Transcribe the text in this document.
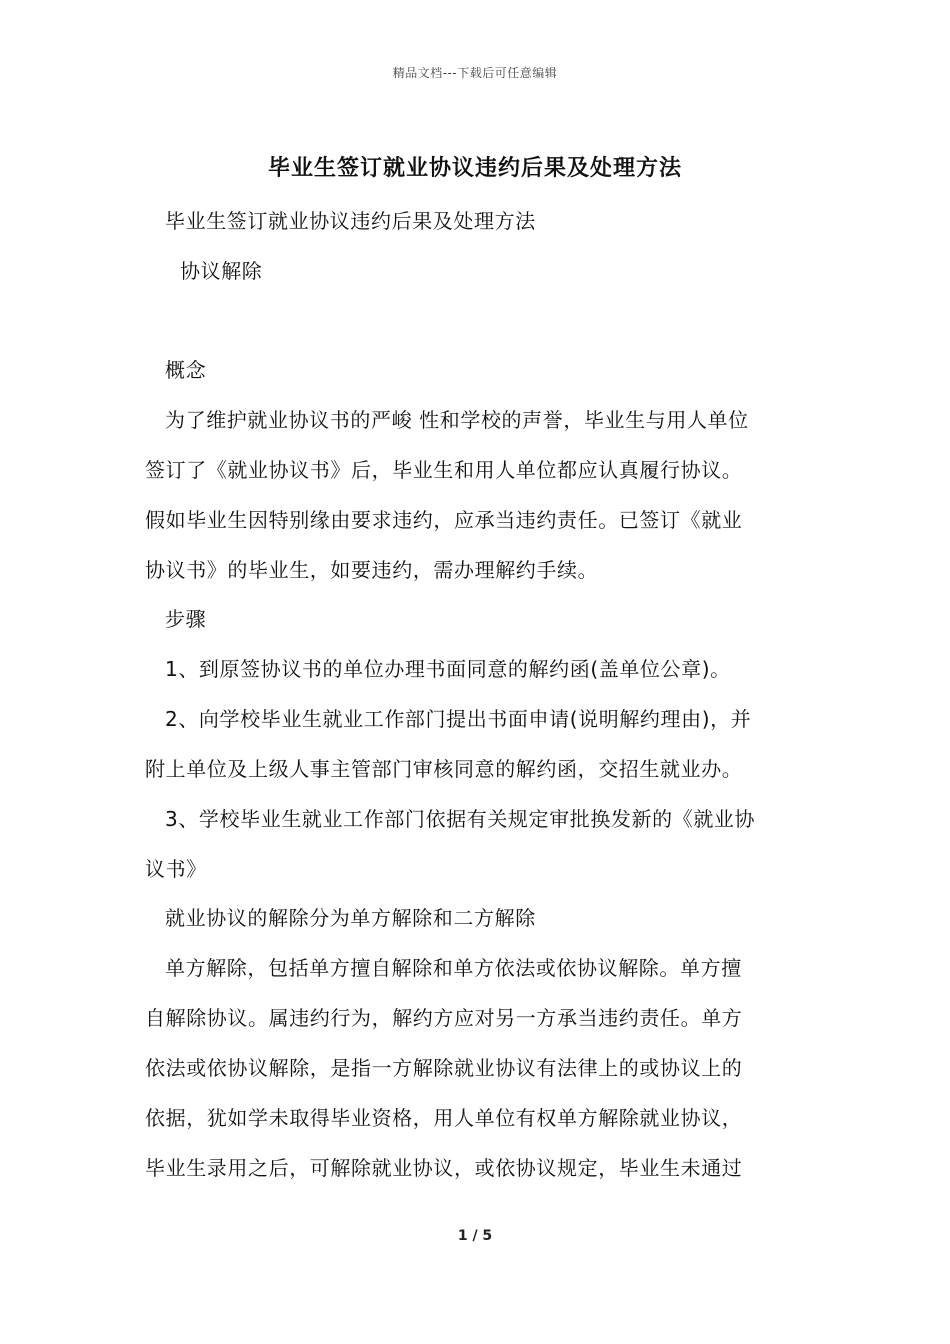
精品文档---下载后可任意编辑
毕业生签订就业协议违约后果及处理方法
毕业生签订就业协议违约后果及处理方法
协议解除
概念
为了维护就业协议书的严峻 性和学校的声誉，毕业生与用人单位
签订了《就业协议书》后，毕业生和用人单位都应认真履行协议。
假如毕业生因特别缘由要求违约，应承当违约责任。已签订《就业
协议书》的毕业生，如要违约，需办理解约手续。
步骤
1、到原签协议书的单位办理书面同意的解约函(盖单位公章)。
2、向学校毕业生就业工作部门提出书面申请(说明解约理由)，并
附上单位及上级人事主管部门审核同意的解约函，交招生就业办。
3、学校毕业生就业工作部门依据有关规定审批换发新的《就业协
议书》
就业协议的解除分为单方解除和二方解除
单方解除，包括单方擅自解除和单方依法或依协议解除。单方擅
自解除协议。属违约行为，解约方应对另一方承当违约责任。单方
依法或依协议解除，是指一方解除就业协议有法律上的或协议上的
依据，犹如学未取得毕业资格，用人单位有权单方解除就业协议，
毕业生录用之后，可解除就业协议，或依协议规定，毕业生未通过
1 / 5
